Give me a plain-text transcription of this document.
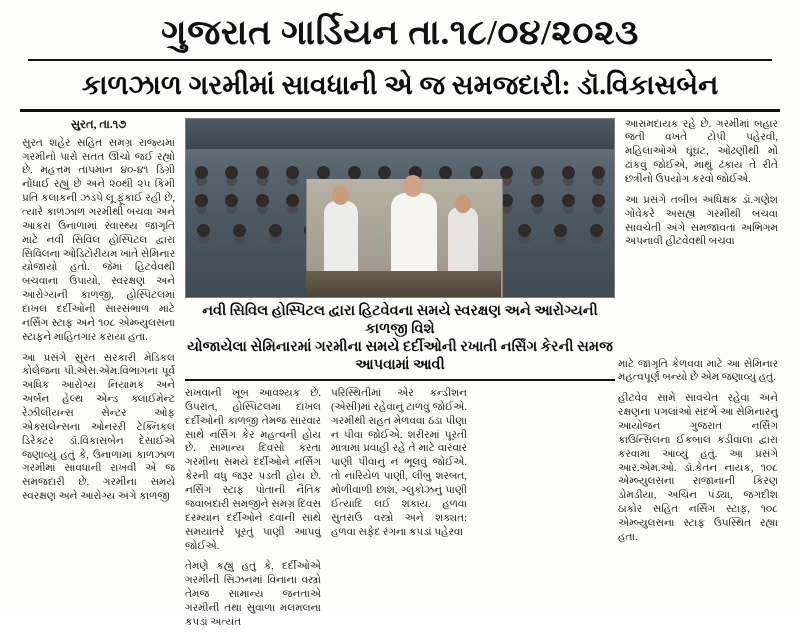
ગુજરાત ગાર્ડિયન તા.૧૮/૦૪/૨૦૨૩
કાળઝાળ ગરમીમાં સાવધાની એ જ સમજદારી: ડૉ.વિકાસબેન
સુરત, તા.૧૭

સુરત શહેર સહિત સમગ્ર રાજ્યમાં ગરમીનો પારો સતત ઊંચો જઈ રહ્યો છે. મહત્તમ તાપમાન ૪૦-૪૧ ડિગ્રી નોંધાઈ રહ્યું છે અને ૨૦થી ૨૫ કિમી પ્રતિ કલાકની ઝડપે લૂ ફૂંકાઈ રહી છે, ત્યારે કાળઝાળ ગરમીથી બચવા અને આકરા ઉનાળામાં સ્વાસ્થ્ય જાગૃતિ માટે નવી સિવિલ હોસ્પિટલ દ્વારા સિવિલના ઓડિટોરીયમ ખાતે સેમિનાર યોજાયો હતો. જેમાં હિટવેવથી બચવાના ઉપાયો, સ્વરક્ષણ અને આરોગ્યની કાળજી, હોસ્પિટલમાં દાખલ દર્દીઓની સારસંભાળ માટે નર્સિંગ સ્ટાફ અને ૧૦૮ એમ્બ્યુલસના સ્ટાફને માહિતગાર કરાયા હતા.

આ પ્રસંગે સુરત સરકારી મેડિકલ કોલેજના પી.એસ.એમ.વિભાગના પૂર્વ અધિક આરોગ્ય નિયામક અને અર્બન હેલ્થ એન્ડ ક્લાઈમેન્ટ રેઝીલીયન્સ સેન્ટર ઓફ એક્સલેન્સના ઓનરરી ટેક્નિકલ ડિરેક્ટર ડૉ.વિકાસબેન દેસાઈએ જણાવ્યું હતું કે, ઉનાળામાં કાળઝાળ ગરમીમાં સાવધાની રાખવી એ જ સમજદારી છે. ગરમીના સમયે સ્વરક્ષણ અને આરોગ્ય અંગે કાળજી

નવી સિવિલ હોસ્પિટલ દ્વારા હિટવેવના સમયે સ્વરક્ષણ અને આરોગ્યની કાળજી વિશે
યોજાયેલા સેમિનારમાં ગરમીના સમયે દર્દીઓની રખાતી નર્સિંગ કેરની સમજ આપવામાં આવી

રાખવાની ખૂબ આવશ્યક છે. ઉપરાંત, હોસ્પિટલમાં દાખલ દર્દીઓની કાળજી તેમજ સારવાર સાથે નર્સિંગ કેર મહત્વની હોય છે. સામાન્ય દિવસો કરતા ગરમીના સમયે દર્દીઓને નર્સિંગ કેરની વધુ જરૂર પડતી હોય છે. નર્સિંગ સ્ટાફ પોતાની નૈતિક જવાબદારી સમજીને સમગ્ર દિવસ દરમ્યાન દર્દીઓને દવાની સાથે સમયાંતરે પૂરતું પાણી આપવું જોઈએ.

તેમણે કહ્યું હતું કે, દર્દીઓએ ગરમીની સિઝનમાં વિનાના વસ્ત્રો તેમજ સામાન્ય જનતાએ ગરમીની તથા સુવાળા મલમલના કપડાં અત્યંત

પરિસ્થિતીમાં એર કન્ડીશન (એસી)માં રહેવાનું ટાળવું જોઈએ. ગરમીથી રાહત મેળવવા ઠંડા પીણા ન પીવા જોઈએ. શરીરમાં પૂરતી માત્રામાં પ્રવાહી રહે તે માટે વારંવાર પાણી પીવાનું ન ભૂલવું જોઈએ. તો નારિયેળ પાણી, લીંબુ શરબત, મોળીવાળી છાશ, ગ્લુકોઝનું પાણી ઈત્યાદિ લઈ શકાય. હળવા સુતરાઉ વસ્ત્રો અને શક્યત: હળવા સફેદ રંગના કપડાં પહેરવા

આરામદાયક રહે છે. ગરમીમાં બહાર જતી વખતે ટોપી પહેરવી, મહિલાઓએ ઘૂંઘટ, ઓઢણીથી મોં ઢાંકવું જોઈએ, માથું ઢંકાય તે રીતે છત્રીનો ઉપયોગ કરવો જોઈએ.

આ પ્રસંગે તબીબ અધિક્ષક ડૉ.ગણેશ ગોવેકરે અસહ્ય ગરમીથી બચવા સાવચેતી અંગે સમજાવતાં અભિગમ અપનાવી હીટવેવથી બચવા

માટે જાગૃતિ કેળવવા માટે આ સેમિનાર મહત્વપૂર્ણ બન્યો છે એમ જણાવ્યું હતું.

હીટવેવ સામે સાવચેત રહેવા અને રક્ષણના પગલાંઓ સંદર્ભે આ સેમિનારનું આયોજન ગુજરાત નર્સિંગ કાઉન્સિલના ઈકબાલ કડીવાલા દ્વારા કરવામાં આવ્યું હતું. આ પ્રસંગે આર.એમ.ઓ. ડૉ.કેતન નાયક, ૧૦૮ એમ્બ્યુલસના રાજાનાની કિરણ ડોમડીયા, અચિન પંડ્યા, જગદીશ ઠાકોર સહિત નર્સિંગ સ્ટાફ, ૧૦૮ એમ્બ્યુલસના સ્ટાફ ઉપસ્થિત રહ્યા હતા.
